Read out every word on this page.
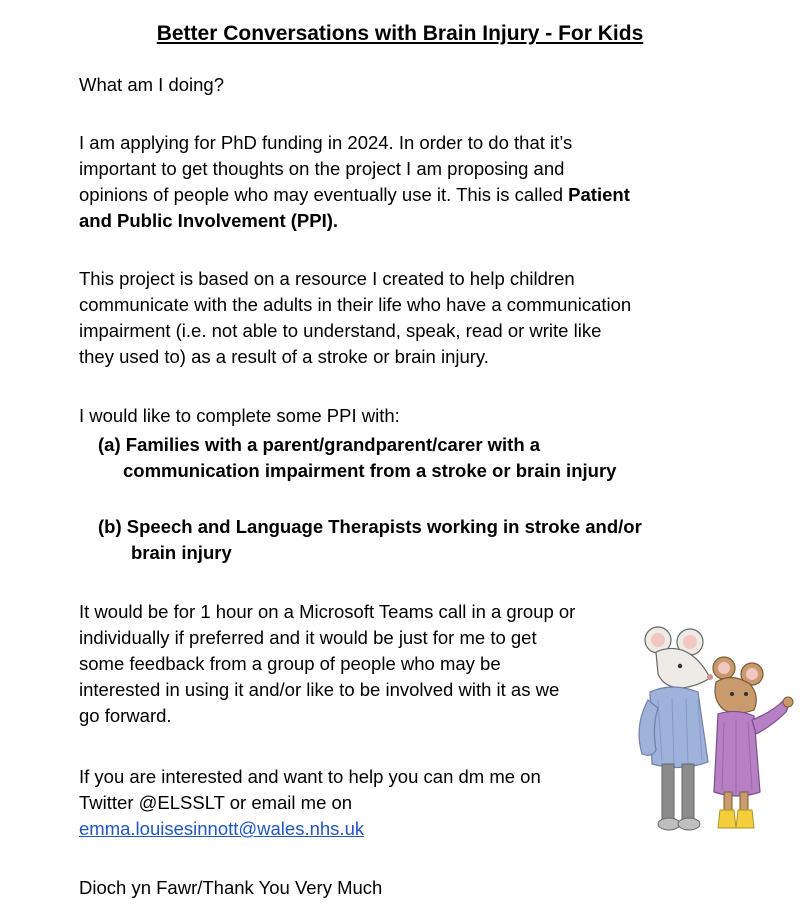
Better Conversations with Brain Injury - For Kids
What am I doing?
I am applying for PhD funding in 2024. In order to do that it’s
important to get thoughts on the project I am proposing and
opinions of people who may eventually use it. This is called Patient
and Public Involvement (PPI).
This project is based on a resource I created to help children
communicate with the adults in their life who have a communication
impairment (i.e. not able to understand, speak, read or write like
they used to) as a result of a stroke or brain injury.
I would like to complete some PPI with:
(a) Families with a parent/grandparent/carer with a
communication impairment from a stroke or brain injury
(b) Speech and Language Therapists working in stroke and/or
brain injury
It would be for 1 hour on a Microsoft Teams call in a group or
individually if preferred and it would be just for me to get
some feedback from a group of people who may be
interested in using it and/or like to be involved with it as we
go forward.
If you are interested and want to help you can dm me on
Twitter @ELSSLT or email me on
emma.louisesinnott@wales.nhs.uk
Dioch yn Fawr/Thank You Very Much
